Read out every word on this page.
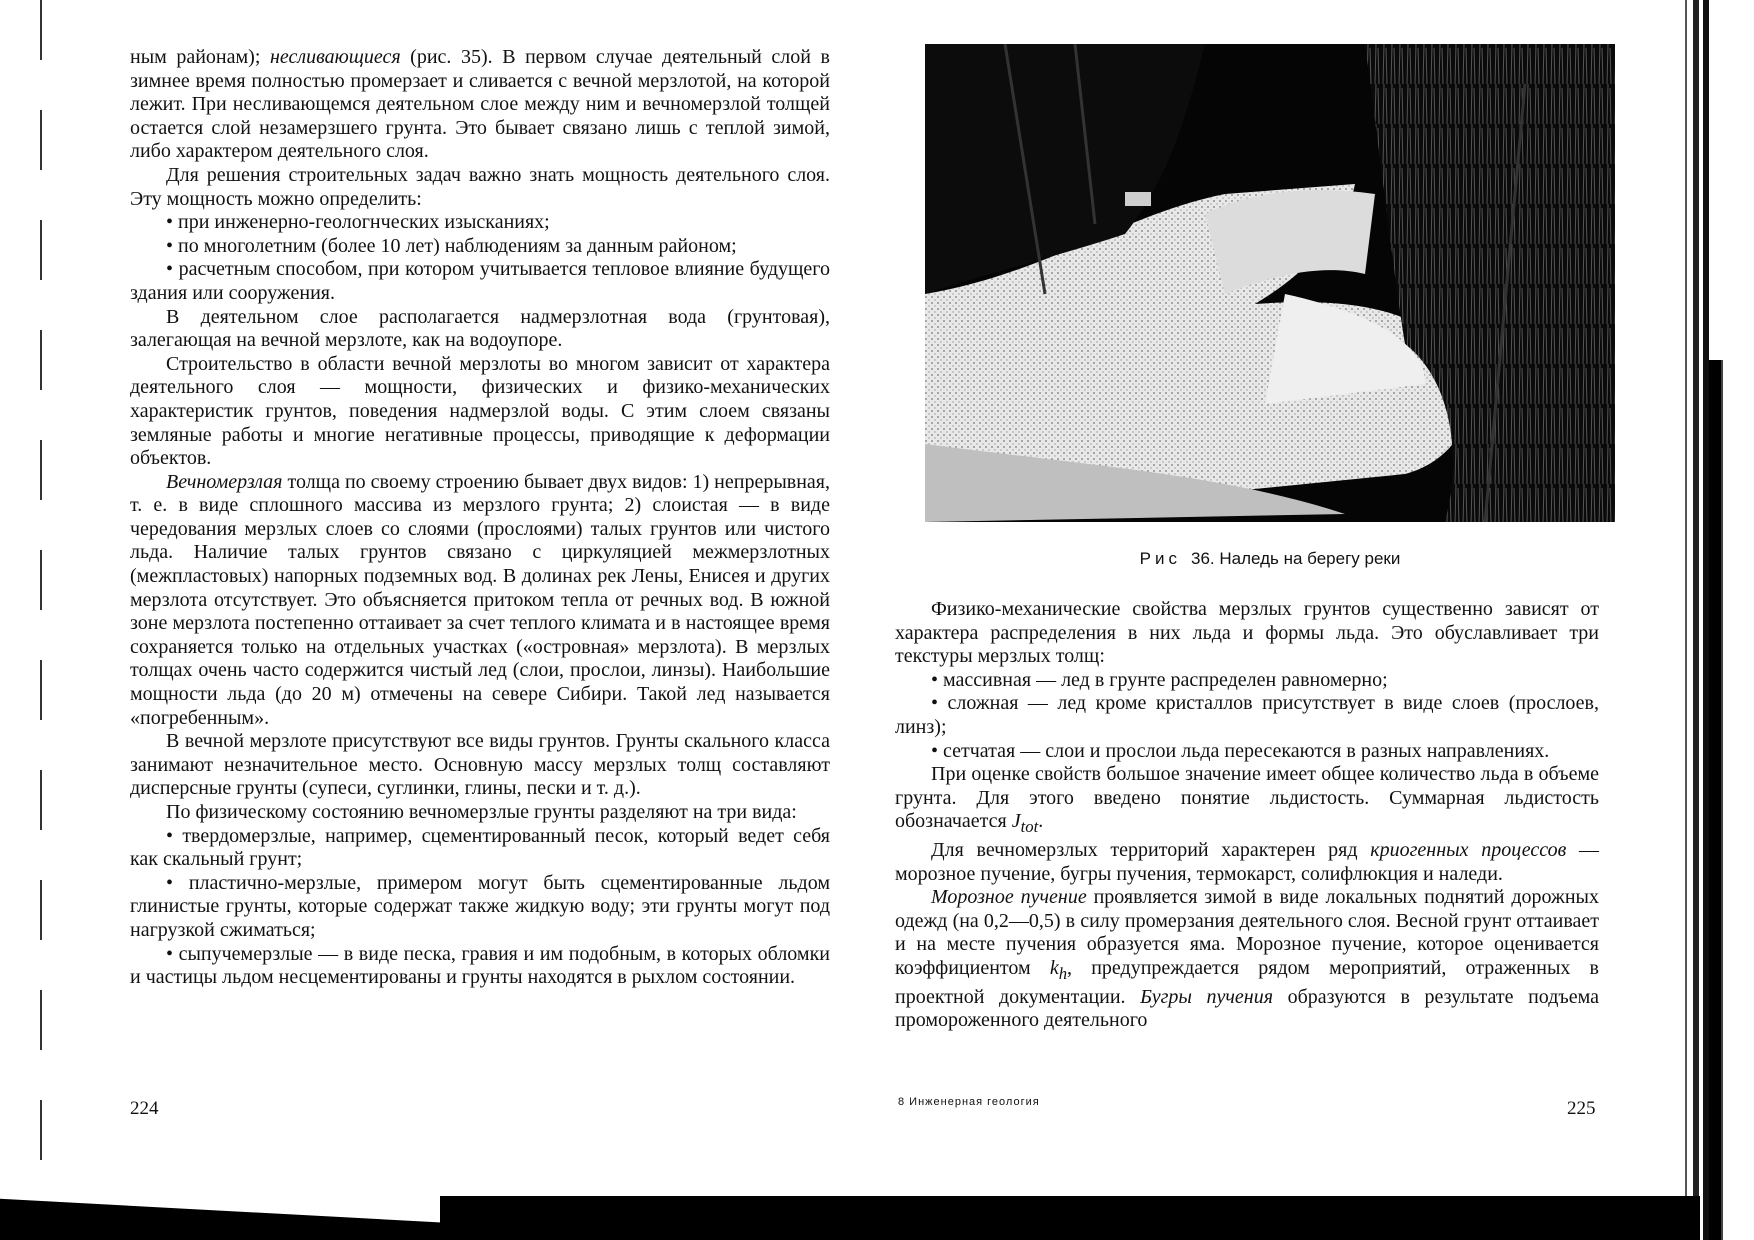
ным районам); несливающиеся (рис. 35). В первом случае деятельный слой в зимнее время полностью промерзает и сливается с вечной мерзлотой, на которой лежит. При несливающемся деятельном слое между ним и вечномерзлой толщей остается слой незамерзшего грунта. Это бывает связано лишь с теплой зимой, либо характером деятельного слоя.

Для решения строительных задач важно знать мощность деятельного слоя. Эту мощность можно определить:

• при инженерно-геологнческих изысканиях;

• по многолетним (более 10 лет) наблюдениям за данным районом;

• расчетным способом, при котором учитывается тепловое влияние будущего здания или сооружения.

В деятельном слое располагается надмерзлотная вода (грунтовая), залегающая на вечной мерзлоте, как на водоупоре.

Строительство в области вечной мерзлоты во многом зависит от характера деятельного слоя — мощности, физических и физико-механических характеристик грунтов, поведения надмерзлой воды. С этим слоем связаны земляные работы и многие негативные процессы, приводящие к деформации объектов.

Вечномерзлая толща по своему строению бывает двух видов: 1) непрерывная, т. е. в виде сплошного массива из мерзлого грунта; 2) слоистая — в виде чередования мерзлых слоев со слоями (прослоями) талых грунтов или чистого льда. Наличие талых грунтов связано с циркуляцией межмерзлотных (межпластовых) напорных подземных вод. В долинах рек Лены, Енисея и других мерзлота отсутствует. Это объясняется притоком тепла от речных вод. В южной зоне мерзлота постепенно оттаивает за счет теплого климата и в настоящее время сохраняется только на отдельных участках («островная» мерзлота). В мерзлых толщах очень часто содержится чистый лед (слои, прослои, линзы). Наибольшие мощности льда (до 20 м) отмечены на севере Сибири. Такой лед называется «погребенным».

В вечной мерзлоте присутствуют все виды грунтов. Грунты скального класса занимают незначительное место. Основную массу мерзлых толщ составляют дисперсные грунты (супеси, суглинки, глины, пески и т. д.).

По физическому состоянию вечномерзлые грунты разделяют на три вида:

• твердомерзлые, например, сцементированный песок, который ведет себя как скальный грунт;

• пластично-мерзлые, примером могут быть сцементированные льдом глинистые грунты, которые содержат также жидкую воду; эти грунты могут под нагрузкой сжиматься;

• сыпучемерзлые — в виде песка, гравия и им подобным, в которых обломки и частицы льдом несцементированы и грунты находятся в рыхлом состоянии.

224
Рис 36. Наледь на берегу реки

Физико-механические свойства мерзлых грунтов существенно зависят от характера распределения в них льда и формы льда. Это обуславливает три текстуры мерзлых толщ:

• массивная — лед в грунте распределен равномерно;

• сложная — лед кроме кристаллов присутствует в виде слоев (прослоев, линз);

• сетчатая — слои и прослои льда пересекаются в разных направлениях.

При оценке свойств большое значение имеет общее количество льда в объеме грунта. Для этого введено понятие льдистость. Суммарная льдистость обозначается $J_{tot}$.

Для вечномерзлых территорий характерен ряд криогенных процессов — морозное пучение, бугры пучения, термокарст, солифлюкция и наледи.

Морозное пучение проявляется зимой в виде локальных поднятий дорожных одежд (на 0,2—0,5) в силу промерзания деятельного слоя. Весной грунт оттаивает и на месте пучения образуется яма. Морозное пучение, которое оценивается коэффициентом $k_h$, предупреждается рядом мероприятий, отраженных в проектной документации. Бугры пучения образуются в результате подъема промороженного деятельного

8 Инженерная геология	225
